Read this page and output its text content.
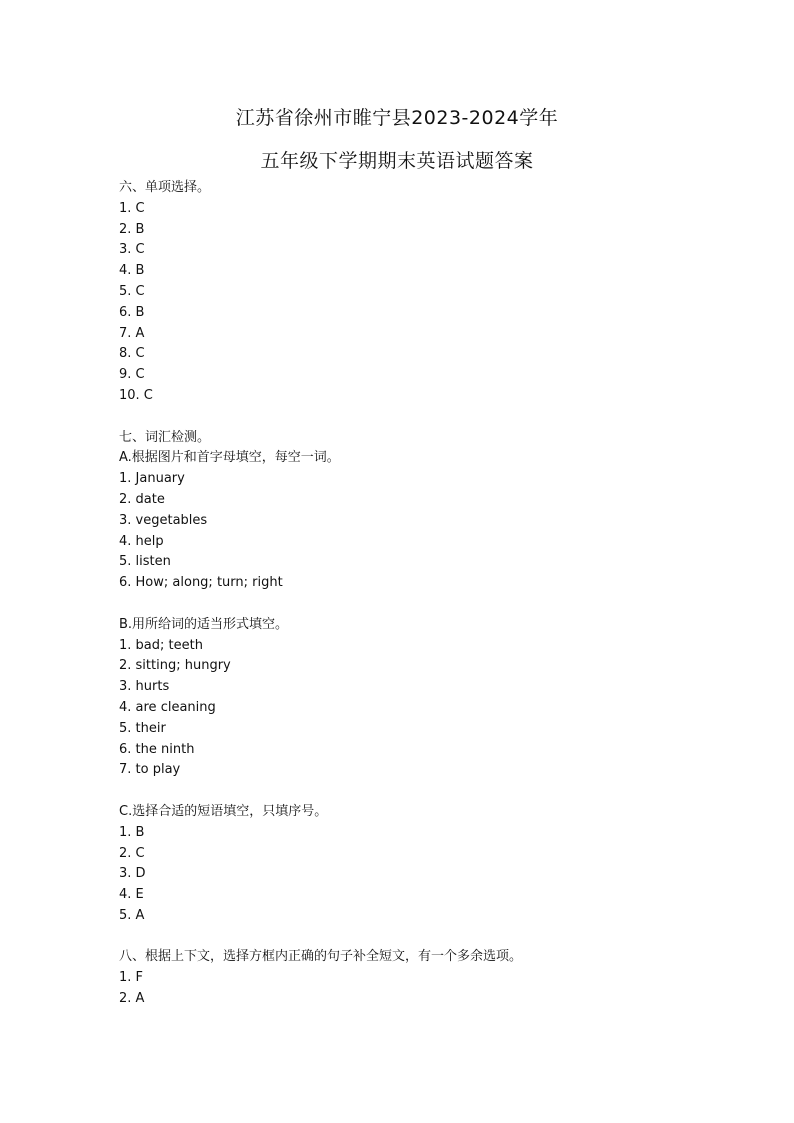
江苏省徐州市睢宁县2023-2024学年
五年级下学期期末英语试题答案
六、单项选择。
1. C
2. B
3. C
4. B
5. C
6. B
7. A
8. C
9. C
10. C
七、词汇检测。
A.根据图片和首字母填空，每空一词。
1. January
2. date
3. vegetables
4. help
5. listen
6. How; along; turn; right
B.用所给词的适当形式填空。
1. bad; teeth
2. sitting; hungry
3. hurts
4. are cleaning
5. their
6. the ninth
7. to play
C.选择合适的短语填空，只填序号。
1. B
2. C
3. D
4. E
5. A
八、根据上下文，选择方框内正确的句子补全短文，有一个多余选项。
1. F
2. A
